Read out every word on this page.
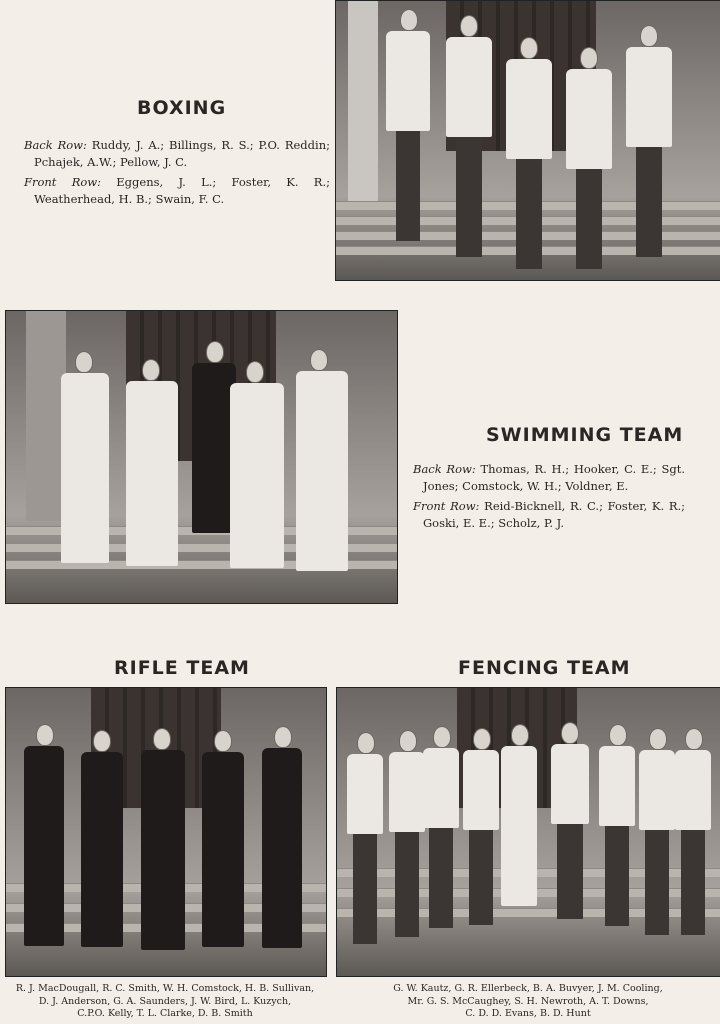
BOXING

Back Row: Ruddy, J. A.; Billings, R. S.; P.O. Reddin; Pchajek, A.W.; Pellow, J. C.

Front Row: Eggens, J. L.; Foster, K. R.; Weatherhead, H. B.; Swain, F. C.

SWIMMING TEAM

Back Row: Thomas, R. H.; Hooker, C. E.; Sgt. Jones; Comstock, W. H.; Voldner, E.

Front Row: Reid-Bicknell, R. C.; Foster, K. R.; Goski, E. E.; Scholz, P. J.

RIFLE TEAM
R. J. MacDougall, R. C. Smith, W. H. Comstock, H. B. Sullivan,
D. J. Anderson, G. A. Saunders, J. W. Bird, L. Kuzych,
C.P.O. Kelly, T. L. Clarke, D. B. Smith
FENCING TEAM
G. W. Kautz, G. R. Ellerbeck, B. A. Buvyer, J. M. Cooling,
Mr. G. S. McCaughey, S. H. Newroth, A. T. Downs,
C. D. D. Evans, B. D. Hunt
